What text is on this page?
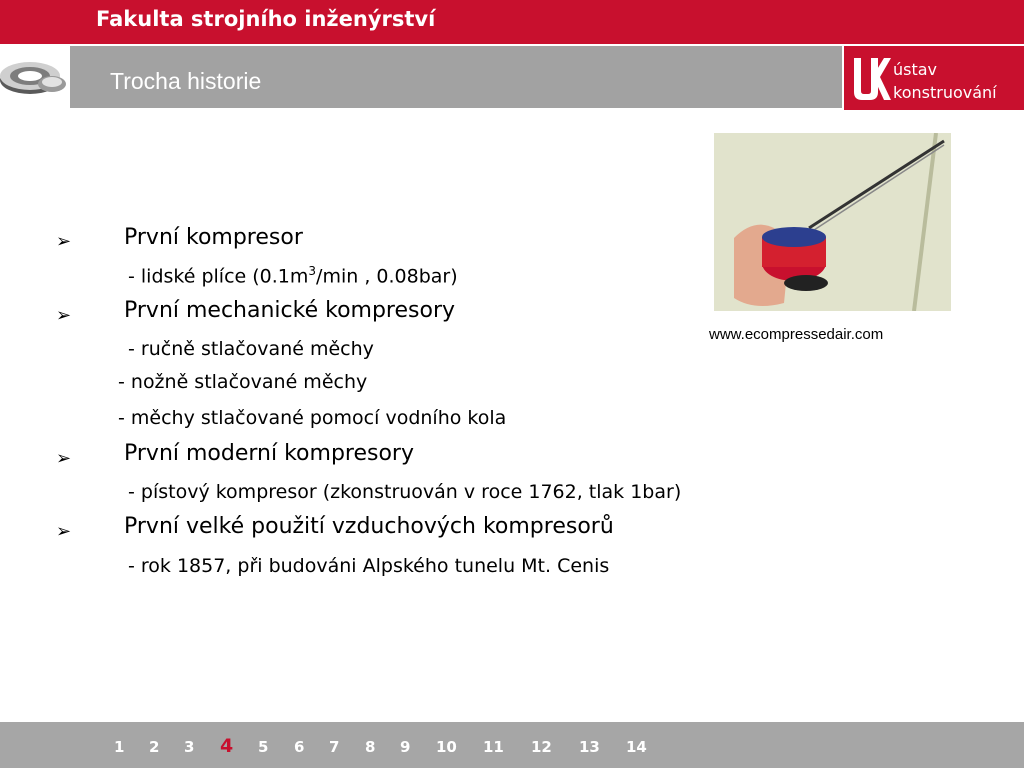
Fakulta strojního inženýrství
Trocha historie	ústav
konstruování
www.ecompressedair.com
➢ První kompresor
- lidské plíce ($0.1m^3/\min$ , 0.08bar)
➢ První mechanické kompresory
- ručně stlačované měchy
- nožně stlačované měchy
- měchy stlačované pomocí vodního kola
➢ První moderní kompresory
- pístový kompresor (zkonstruován v roce 1762, tlak 1bar)
➢ První velké použití vzduchových kompresorů
- rok 1857, při budováni Alpského tunelu Mt. Cenis
1 2 3 4 5 6 7 8 9 10 11 12 13 14
